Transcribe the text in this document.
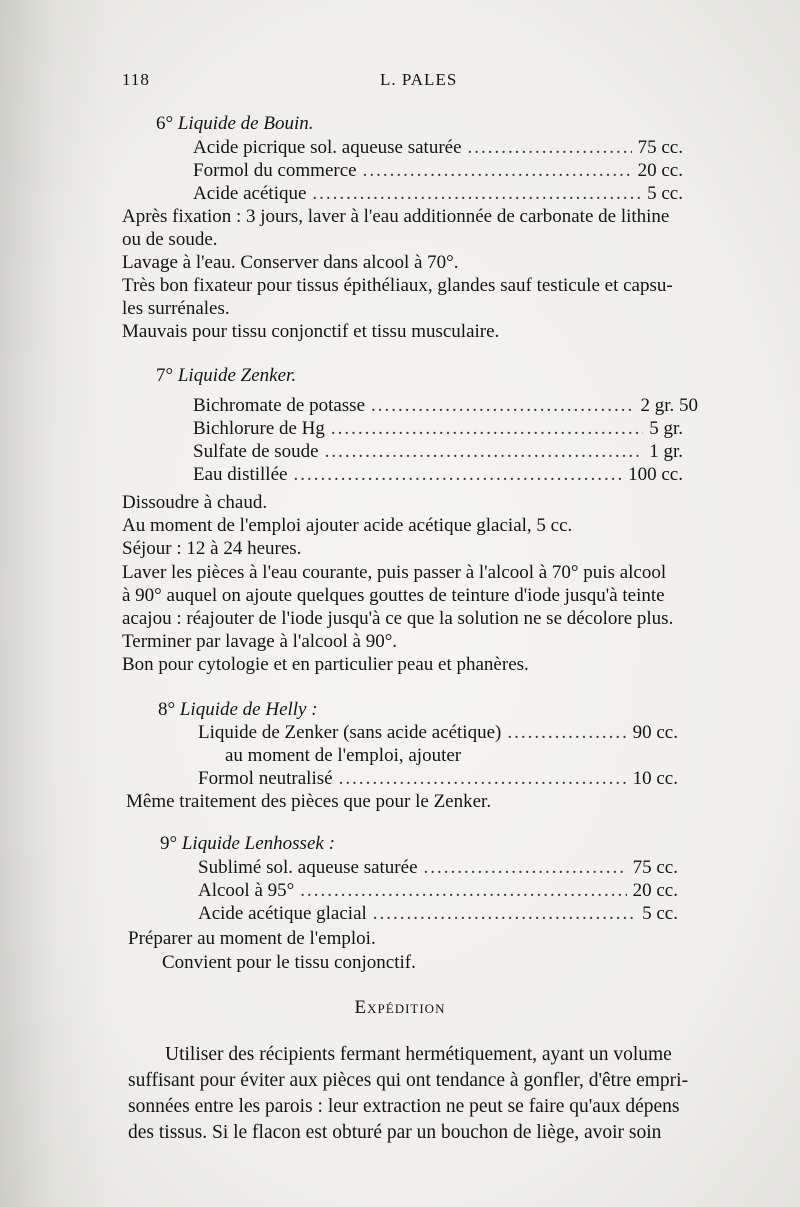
118	L. PALES
6° Liquide de Bouin.
Acide picrique sol. aqueuse saturée .....	75 cc.
Formol du commerce .....	20 cc.
Acide acétique .....	5 cc.
Après fixation : 3 jours, laver à l'eau additionnée de carbonate de lithine
ou de soude.
Lavage à l'eau. Conserver dans alcool à 70°.
Très bon fixateur pour tissus épithéliaux, glandes sauf testicule et capsu-
les surrénales.
Mauvais pour tissu conjonctif et tissu musculaire.
7° Liquide Zenker.
Bichromate de potasse .....	2 gr. 50
Bichlorure de Hg .....	5 gr.
Sulfate de soude .....	1 gr.
Eau distillée .....	100 cc.
Dissoudre à chaud.
Au moment de l'emploi ajouter acide acétique glacial, 5 cc.
Séjour : 12 à 24 heures.
Laver les pièces à l'eau courante, puis passer à l'alcool à 70° puis alcool
à 90° auquel on ajoute quelques gouttes de teinture d'iode jusqu'à teinte
acajou : réajouter de l'iode jusqu'à ce que la solution ne se décolore plus.
Terminer par lavage à l'alcool à 90°.
Bon pour cytologie et en particulier peau et phanères.
8° Liquide de Helly :
Liquide de Zenker (sans acide acétique) .....	90 cc.
au moment de l'emploi, ajouter
Formol neutralisé .....	10 cc.
Même traitement des pièces que pour le Zenker.
9° Liquide Lenhossek :
Sublimé sol. aqueuse saturée .....	75 cc.
Alcool à 95° .....	20 cc.
Acide acétique glacial .....	5 cc.
Préparer au moment de l'emploi.
Convient pour le tissu conjonctif.
Expédition
Utiliser des récipients fermant hermétiquement, ayant un volume
suffisant pour éviter aux pièces qui ont tendance à gonfler, d'être empri-
sonnées entre les parois : leur extraction ne peut se faire qu'aux dépens
des tissus. Si le flacon est obturé par un bouchon de liège, avoir soin
